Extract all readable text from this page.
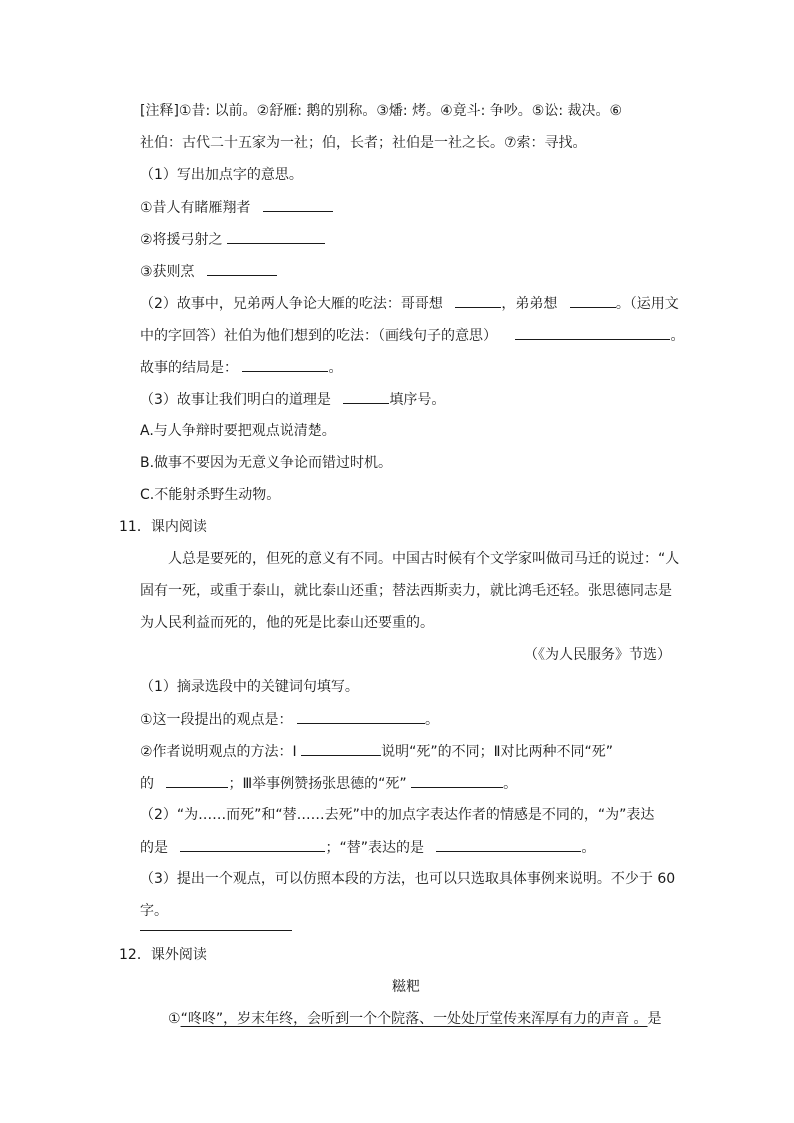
[注释]①昔: 以前。②舒雁: 鹅的别称。③燔: 烤。④竟斗: 争吵。⑤讼: 裁决。⑥
社伯：古代二十五家为一社；伯，长者；社伯是一社之长。⑦索：寻找。
（1）写出加点字的意思。
①昔人有睹雁翔者
②将援弓射之
③获则烹
（2）故事中，兄弟两人争论大雁的吃法：哥哥想	，弟弟想	。（运用文
中的字回答）社伯为他们想到的吃法：（画线句子的意思）	。
故事的结局是：	。
（3）故事让我们明白的道理是	填序号。
A.与人争辩时要把观点说清楚。
B.做事不要因为无意义争论而错过时机。
C.不能射杀野生动物。
11．课内阅读
人总是要死的，但死的意义有不同。中国古时候有个文学家叫做司马迁的说过：“人
固有一死，或重于泰山，就比泰山还重；替法西斯卖力，就比鸿毛还轻。张思德同志是
为人民利益而死的，他的死是比泰山还要重的。
（《为人民服务》节选）
（1）摘录选段中的关键词句填写。
①这一段提出的观点是：	。
②作者说明观点的方法：Ⅰ	说明“死”的不同；Ⅱ对比两种不同“死”
的	；Ⅲ举事例赞扬张思德的“死”	。
（2）“为……而死”和“替……去死”中的加点字表达作者的情感是不同的，“为”表达
的是	；“替”表达的是	。
（3）提出一个观点，可以仿照本段的方法，也可以只选取具体事例来说明。不少于 60
字。
12．课外阅读
糍粑
①“咚咚”，岁末年终，会听到一个个院落、一处处厅堂传来浑厚有力的声音 。是
